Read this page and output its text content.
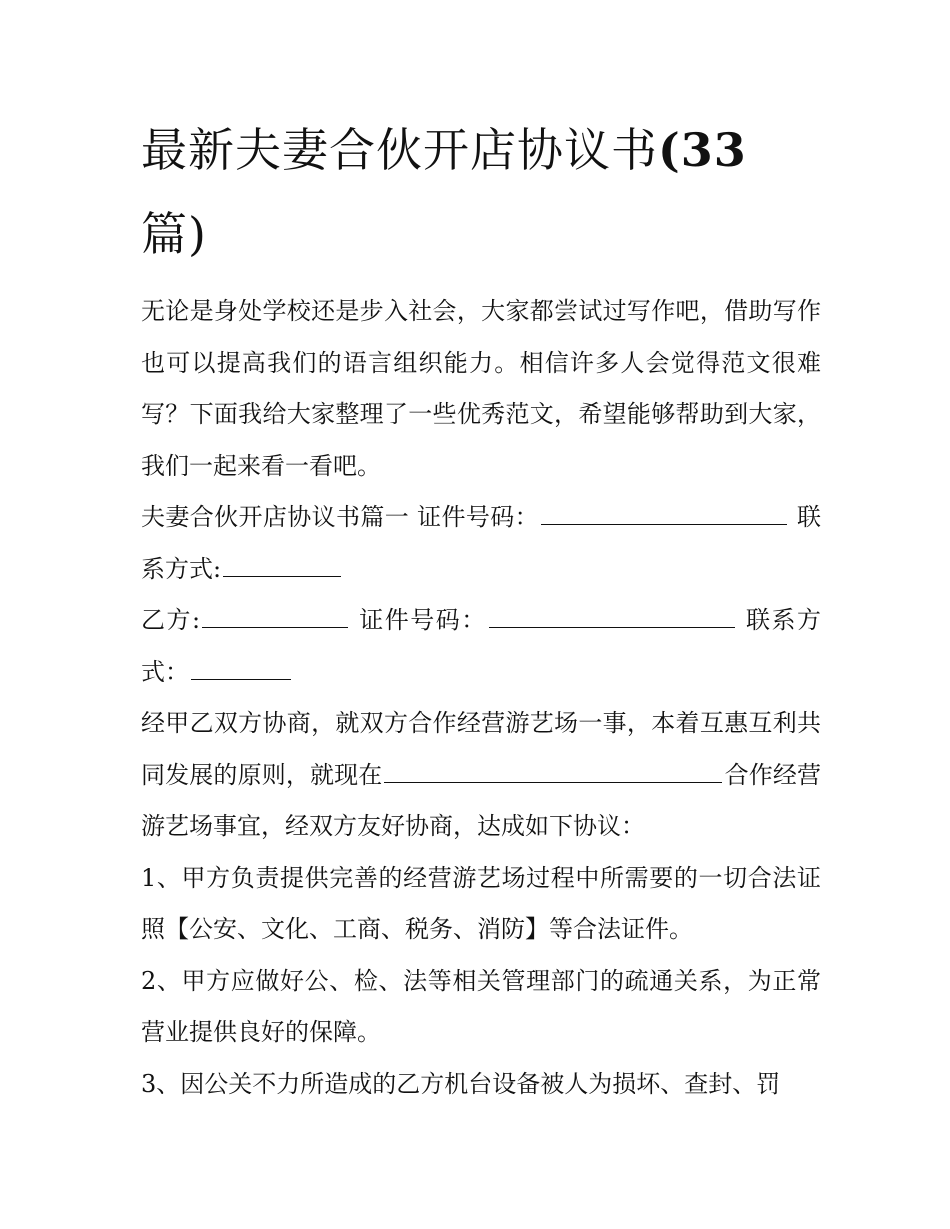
最新夫妻合伙开店协议书(33
篇)

无论是身处学校还是步入社会，大家都尝试过写作吧，借助写作也可以提高我们的语言组织能力。相信许多人会觉得范文很难写？下面我给大家整理了一些优秀范文，希望能够帮助到大家，我们一起来看一看吧。

夫妻合伙开店协议书篇一 证件号码：	联系方式:

乙方:	证件号码：	联系方式：

经甲乙双方协商，就双方合作经营游艺场一事，本着互惠互利共同发展的原则，就现在	合作经营游艺场事宜，经双方友好协商，达成如下协议：

1、甲方负责提供完善的经营游艺场过程中所需要的一切合法证照【公安、文化、工商、税务、消防】等合法证件。

2、甲方应做好公、检、法等相关管理部门的疏通关系，为正常营业提供良好的保障。

3、因公关不力所造成的乙方机台设备被人为损坏、查封、罚
